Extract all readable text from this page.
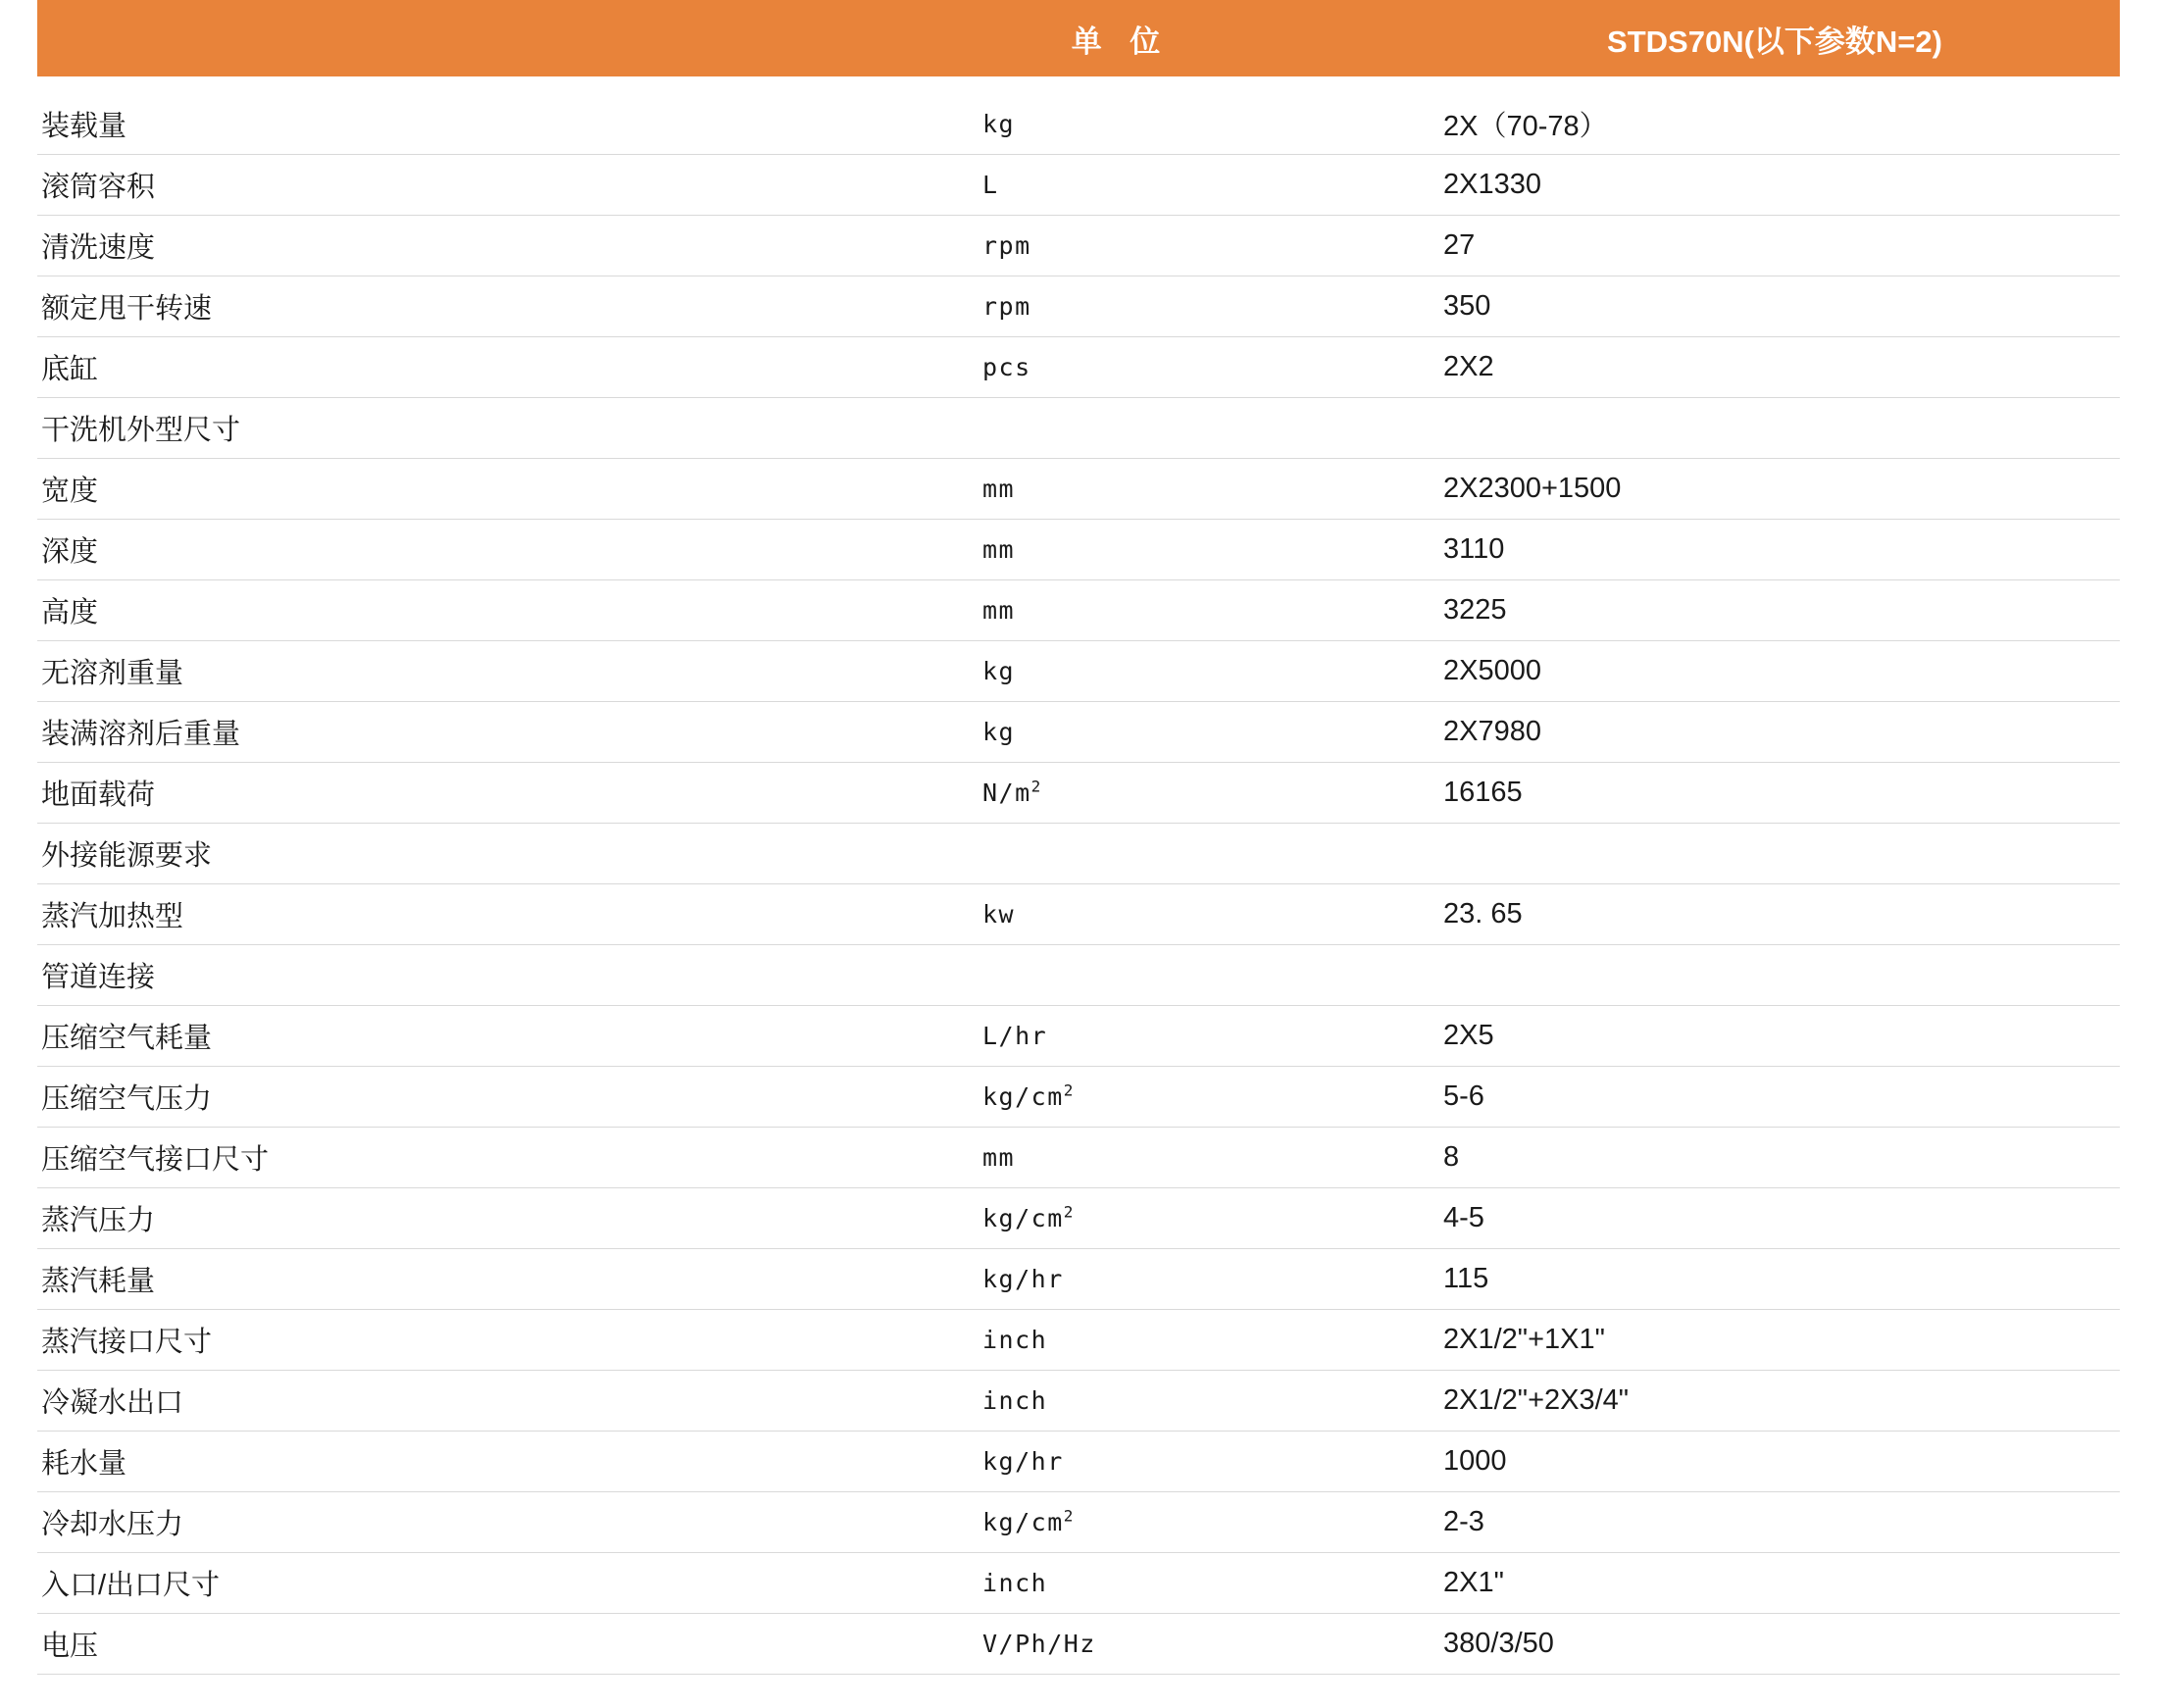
	单 位	STDS70N(以下参数N=2)

装载量	kg	2X（70-78）
滚筒容积	L	2X1330
清洗速度	rpm	27
额定甩干转速	rpm	350
底缸	pcs	2X2
干洗机外型尺寸		
宽度	mm	2X2300+1500
深度	mm	3110
高度	mm	3225
无溶剂重量	kg	2X5000
装满溶剂后重量	kg	2X7980
地面载荷	$N/m^2$	16165
外接能源要求		
蒸汽加热型	kw	23. 65
管道连接		
压缩空气耗量	L/hr	2X5
压缩空气压力	$kg/cm^2$	5-6
压缩空气接口尺寸	mm	8
蒸汽压力	$kg/cm^2$	4-5
蒸汽耗量	kg/hr	115
蒸汽接口尺寸	inch	2X1/2"+1X1"
冷凝水出口	inch	2X1/2"+2X3/4"
耗水量	kg/hr	1000
冷却水压力	$kg/cm^2$	2-3
入口/出口尺寸	inch	2X1"
电压	V/Ph/Hz	380/3/50
